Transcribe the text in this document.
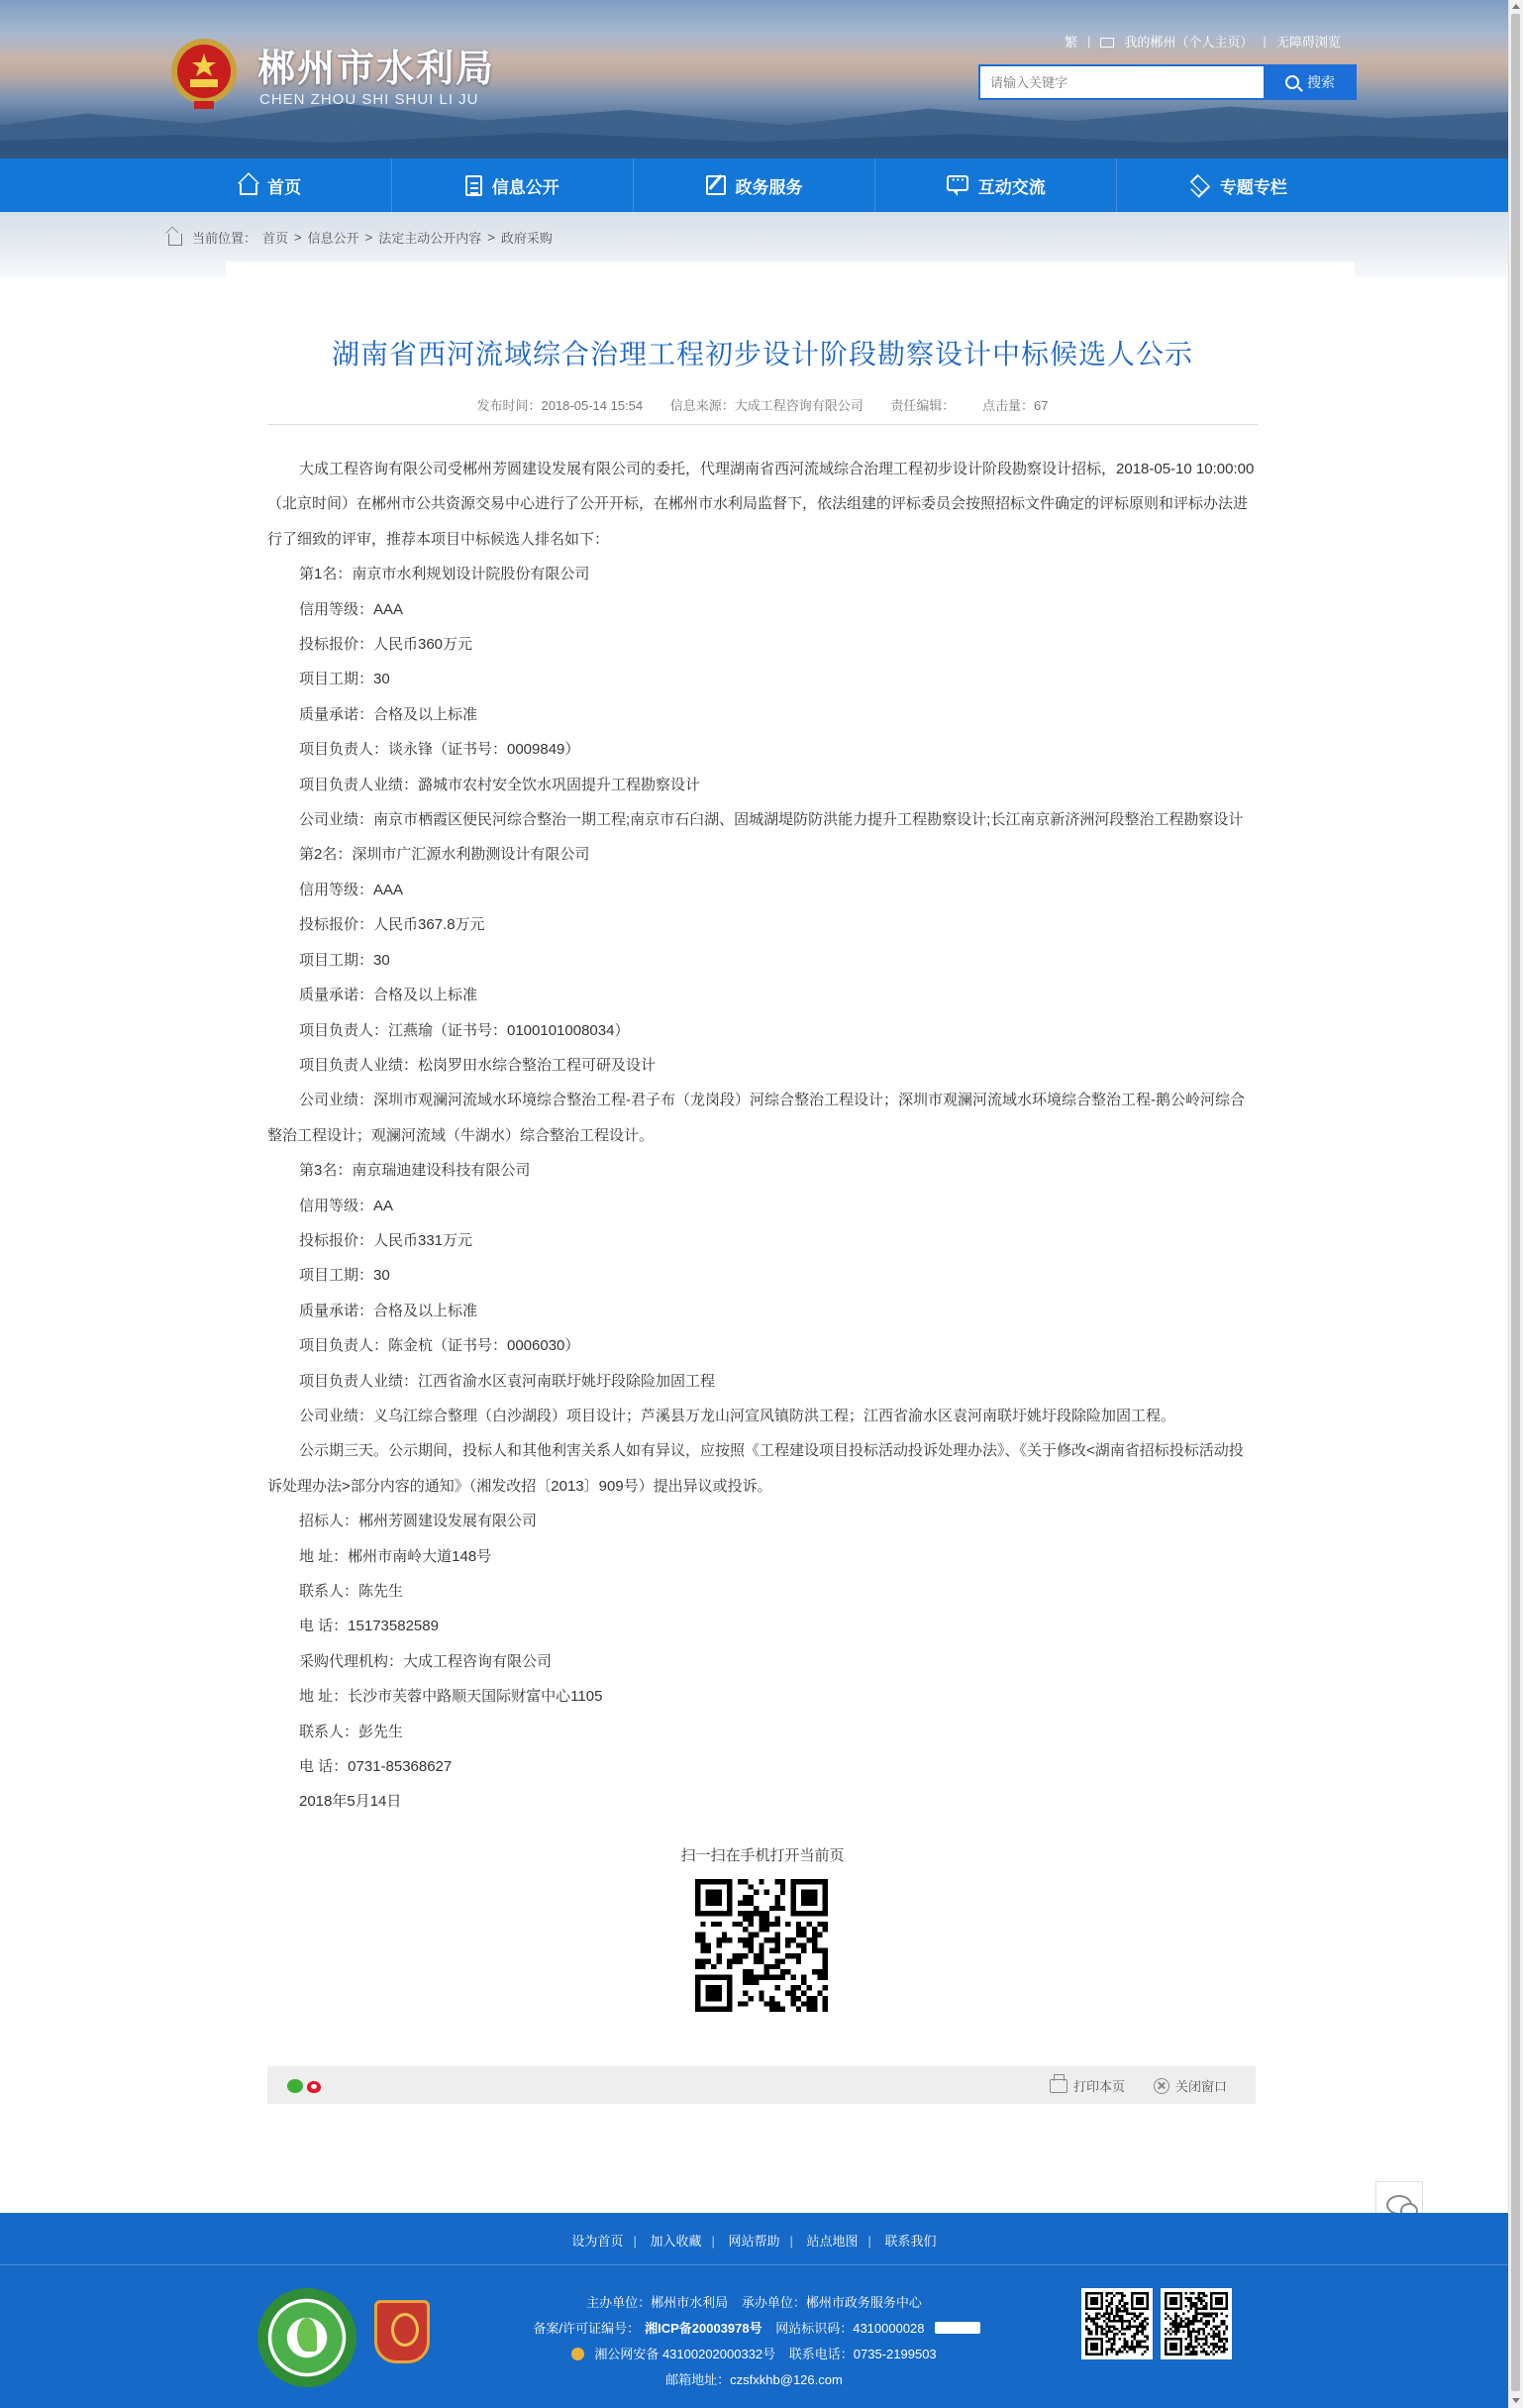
郴州市水利局
CHEN ZHOU SHI SHUI LI JU
繁 |	我的郴州（个人主页） | 无障碍浏览
请输入关键字
搜索
首页	信息公开	政务服务
···	互动交流	专题专栏
当前位置： 首页 > 信息公开 > 法定主动公开内容 > 政府采购
湖南省西河流域综合治理工程初步设计阶段勘察设计中标候选人公示
发布时间：2018-05-14 15:54 信息来源：大成工程咨询有限公司 责任编辑： 点击量：67

大成工程咨询有限公司受郴州芳圆建设发展有限公司的委托，代理湖南省西河流域综合治理工程初步设计阶段勘察设计招标，2018-05-10 10:00:00（北京时间）在郴州市公共资源交易中心进行了公开开标，在郴州市水利局监督下，依法组建的评标委员会按照招标文件确定的评标原则和评标办法进行了细致的评审，推荐本项目中标候选人排名如下：

第1名：南京市水利规划设计院股份有限公司

信用等级：AAA

投标报价：人民币360万元

项目工期：30

质量承诺：合格及以上标准

项目负责人：谈永锋（证书号：0009849）

项目负责人业绩：潞城市农村安全饮水巩固提升工程勘察设计

公司业绩：南京市栖霞区便民河综合整治一期工程;南京市石臼湖、固城湖堤防防洪能力提升工程勘察设计;长江南京新济洲河段整治工程勘察设计

第2名：深圳市广汇源水利勘测设计有限公司

信用等级：AAA

投标报价：人民币367.8万元

项目工期：30

质量承诺：合格及以上标准

项目负责人：江燕瑜（证书号：0100101008034）

项目负责人业绩：松岗罗田水综合整治工程可研及设计

公司业绩：深圳市观澜河流域水环境综合整治工程-君子布（龙岗段）河综合整治工程设计；深圳市观澜河流域水环境综合整治工程-鹅公岭河综合整治工程设计；观澜河流域（牛湖水）综合整治工程设计。

第3名：南京瑞迪建设科技有限公司

信用等级：AA

投标报价：人民币331万元

项目工期：30

质量承诺：合格及以上标准

项目负责人：陈金杭（证书号：0006030）

项目负责人业绩：江西省渝水区袁河南联圩姚圩段除险加固工程

公司业绩：义乌江综合整理（白沙湖段）项目设计；芦溪县万龙山河宣风镇防洪工程；江西省渝水区袁河南联圩姚圩段除险加固工程。

公示期三天。公示期间，投标人和其他利害关系人如有异议，应按照《工程建设项目投标活动投诉处理办法》、《关于修改<湖南省招标投标活动投诉处理办法>部分内容的通知》（湘发改招〔2013〕909号）提出异议或投诉。

招标人：郴州芳圆建设发展有限公司

地 址：郴州市南岭大道148号

联系人：陈先生

电 话：15173582589

采购代理机构：大成工程咨询有限公司

地 址：长沙市芙蓉中路顺天国际财富中心1105

联系人：彭先生

电 话：0731-85368627

2018年5月14日

扫一扫在手机打开当前页
打印本页	关闭窗口
设为首页 | 加入收藏 | 网站帮助 | 站点地图 | 联系我们
主办单位：郴州市水利局 承办单位：郴州市政务服务中心
备案/许可证编号： 湘ICP备20003978号 网站标识码：4310000028
湘公网安备 43100202000332号 联系电话：0735-2199503
邮箱地址：czsfxkhb@126.com
